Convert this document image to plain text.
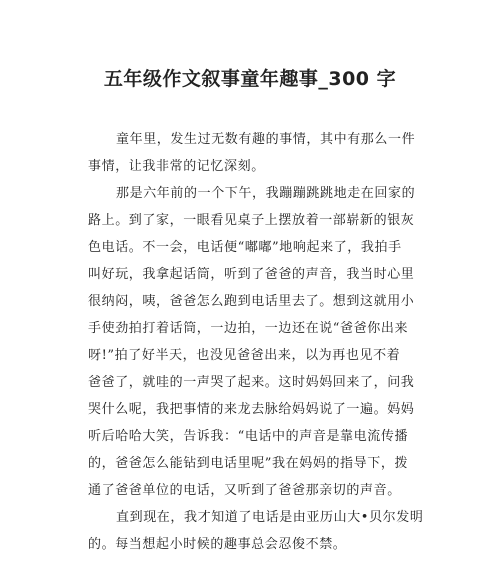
五年级作文叙事童年趣事_300 字
童年里，发生过无数有趣的事情，其中有那么一件
事情，让我非常的记忆深刻。
那是六年前的一个下午，我蹦蹦跳跳地走在回家的
路上。到了家，一眼看见桌子上摆放着一部崭新的银灰
色电话。不一会，电话便“嘟嘟”地响起来了，我拍手
叫好玩，我拿起话筒，听到了爸爸的声音，我当时心里
很纳闷，咦，爸爸怎么跑到电话里去了。想到这就用小
手使劲拍打着话筒，一边拍，一边还在说“爸爸你出来
呀!”拍了好半天，也没见爸爸出来，以为再也见不着
爸爸了，就哇的一声哭了起来。这时妈妈回来了，问我
哭什么呢，我把事情的来龙去脉给妈妈说了一遍。妈妈
听后哈哈大笑，告诉我：“电话中的声音是靠电流传播
的，爸爸怎么能钻到电话里呢”我在妈妈的指导下，拨
通了爸爸单位的电话，又听到了爸爸那亲切的声音。
直到现在，我才知道了电话是由亚历山大•贝尔发明
的。每当想起小时候的趣事总会忍俊不禁。
